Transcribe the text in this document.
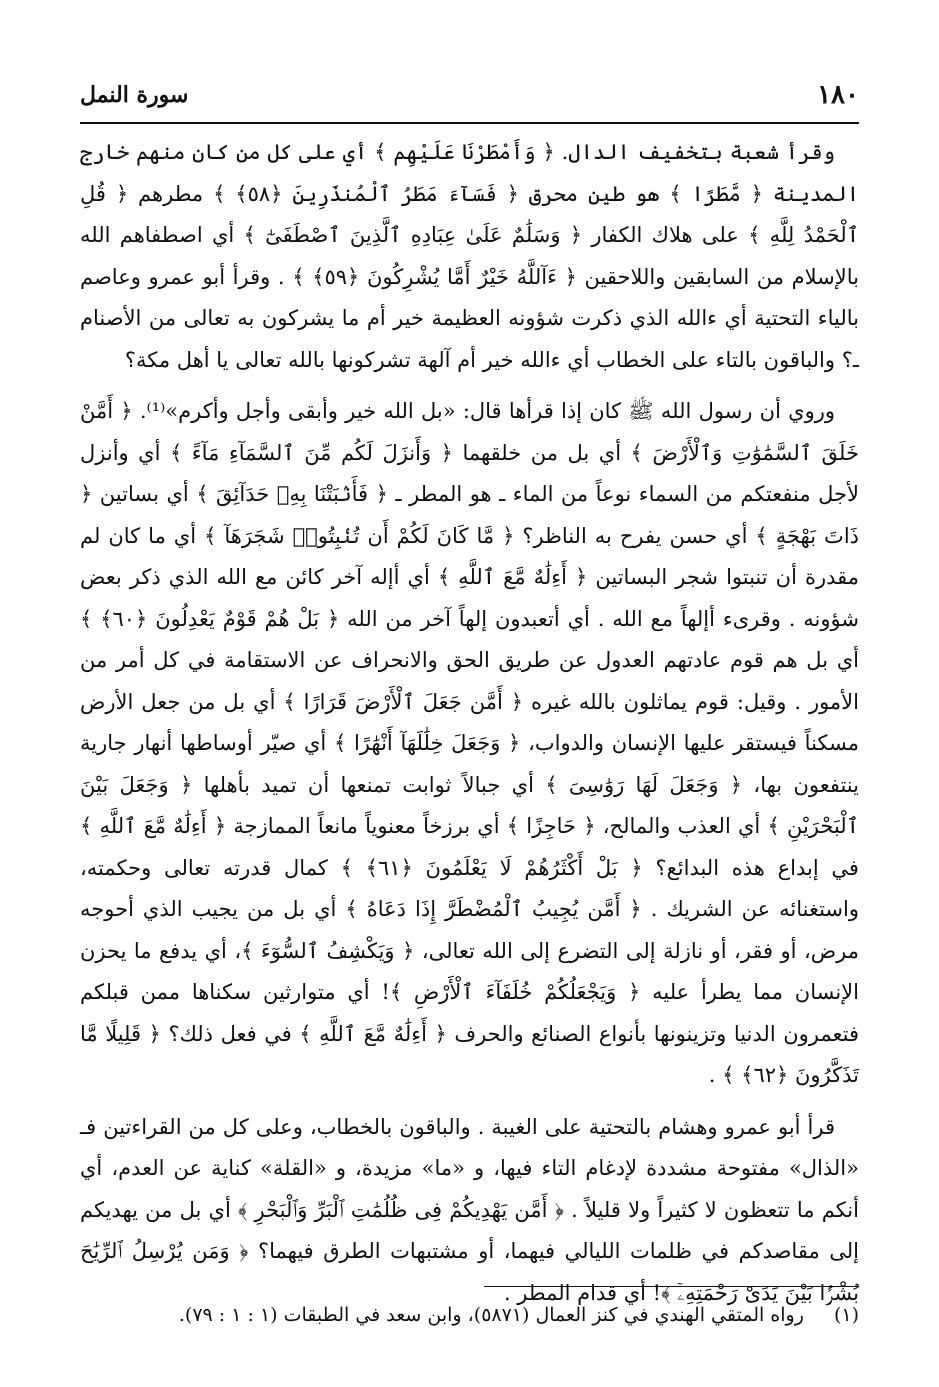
١٨٠
سورة النمل

وقرأ شعبة بتخفيف الدال. ﴿ وَأَمْطَرْنَا عَلَيْهِم ﴾ أي على كل من كان منهم خارج المدينة ﴿ مَّطَرًا ﴾ هو طين محرق ﴿ فَسَآءَ مَطَرُ ٱلْمُنذَرِينَ ﴿٥٨﴾ ﴾ مطرهم ﴿ قُلِ ٱلْحَمْدُ لِلَّهِ ﴾ على هلاك الكفار ﴿ وَسَلَٰمٌ عَلَىٰ عِبَادِهِ ٱلَّذِينَ ٱصْطَفَىٰٓ ﴾ أي اصطفاهم الله بالإسلام من السابقين واللاحقين ﴿ ءَآللَّهُ خَيْرٌ أَمَّا يُشْرِكُونَ ﴿٥٩﴾ ﴾ . وقرأ أبو عمرو وعاصم بالياء التحتية أي ءالله الذي ذكرت شؤونه العظيمة خير أم ما يشركون به تعالى من الأصنام ـ؟ والباقون بالتاء على الخطاب أي ءالله خير أم آلهة تشركونها بالله تعالى يا أهل مكة؟

وروي أن رسول الله ﷺ كان إذا قرأها قال: «بل الله خير وأبقى وأجل وأكرم»⁽¹⁾. ﴿ أَمَّنْ خَلَقَ ٱلسَّمَٰوَٰتِ وَٱلْأَرْضَ ﴾ أي بل من خلقهما ﴿ وَأَنزَلَ لَكُم مِّنَ ٱلسَّمَآءِ مَآءً ﴾ أي وأنزل لأجل منفعتكم من السماء نوعاً من الماء ـ هو المطر ـ ﴿ فَأَنۢبَتْنَا بِهِۦ حَدَآئِقَ ﴾ أي بساتين ﴿ ذَاتَ بَهْجَةٍ ﴾ أي حسن يفرح به الناظر؟ ﴿ مَّا كَانَ لَكُمْ أَن تُنۢبِتُوا۟ شَجَرَهَآ ﴾ أي ما كان لم مقدرة أن تنبتوا شجر البساتين ﴿ أَءِلَٰهٌ مَّعَ ٱللَّهِ ﴾ أي أإله آخر كائن مع الله الذي ذكر بعض شؤونه . وقرىء أإلهاً مع الله . أي أتعبدون إلهاً آخر من الله ﴿ بَلْ هُمْ قَوْمٌ يَعْدِلُونَ ﴿٦٠﴾ ﴾ أي بل هم قوم عادتهم العدول عن طريق الحق والانحراف عن الاستقامة في كل أمر من الأمور . وقيل: قوم يماثلون بالله غيره ﴿ أَمَّن جَعَلَ ٱلْأَرْضَ قَرَارًا ﴾ أي بل من جعل الأرض مسكناً فيستقر عليها الإنسان والدواب، ﴿ وَجَعَلَ خِلَٰلَهَآ أَنْهَٰرًا ﴾ أي صيّر أوساطها أنهار جارية ينتفعون بها، ﴿ وَجَعَلَ لَهَا رَوَٰسِىَ ﴾ أي جبالاً ثوابت تمنعها أن تميد بأهلها ﴿ وَجَعَلَ بَيْنَ ٱلْبَحْرَيْنِ ﴾ أي العذب والمالح، ﴿ حَاجِزًا ﴾ أي برزخاً معنوياً مانعاً الممازجة ﴿ أَءِلَٰهٌ مَّعَ ٱللَّهِ ﴾ في إبداع هذه البدائع؟ ﴿ بَلْ أَكْثَرُهُمْ لَا يَعْلَمُونَ ﴿٦١﴾ ﴾ كمال قدرته تعالى وحكمته، واستغنائه عن الشريك . ﴿ أَمَّن يُجِيبُ ٱلْمُضْطَرَّ إِذَا دَعَاهُ ﴾ أي بل من يجيب الذي أحوجه مرض، أو فقر، أو نازلة إلى التضرع إلى الله تعالى، ﴿ وَيَكْشِفُ ٱلسُّوٓءَ ﴾، أي يدفع ما يحزن الإنسان مما يطرأ عليه ﴿ وَيَجْعَلُكُمْ خُلَفَآءَ ٱلْأَرْضِ ﴾! أي متوارثين سكناها ممن قبلكم فتعمرون الدنيا وتزينونها بأنواع الصنائع والحرف ﴿ أَءِلَٰهٌ مَّعَ ٱللَّهِ ﴾ في فعل ذلك؟ ﴿ قَلِيلًا مَّا تَذَكَّرُونَ ﴿٦٢﴾ ﴾ .

قرأ أبو عمرو وهشام بالتحتية على الغيبة . والباقون بالخطاب، وعلى كل من القراءتين فـ «الذال» مفتوحة مشددة لإدغام التاء فيها، و «ما» مزيدة، و «القلة» كناية عن العدم، أي أنكم ما تتعظون لا كثيراً ولا قليلاً . ﴿ أَمَّن يَهْدِيكُمْ فِى ظُلُمَٰتِ ٱلْبَرِّ وَٱلْبَحْرِ ﴾ أي بل من يهديكم إلى مقاصدكم في ظلمات الليالي فيهما، أو مشتبهات الطرق فيهما؟ ﴿ وَمَن يُرْسِلُ ٱلرِّيَٰحَ بُشْرًۢا بَيْنَ يَدَىْ رَحْمَتِهِۦٓ ﴾! أي قدام المطر .

(١) رواه المتقي الهندي في كنز العمال (٥٨٧١)، وابن سعد في الطبقات (١ : ١ : ٧٩).
